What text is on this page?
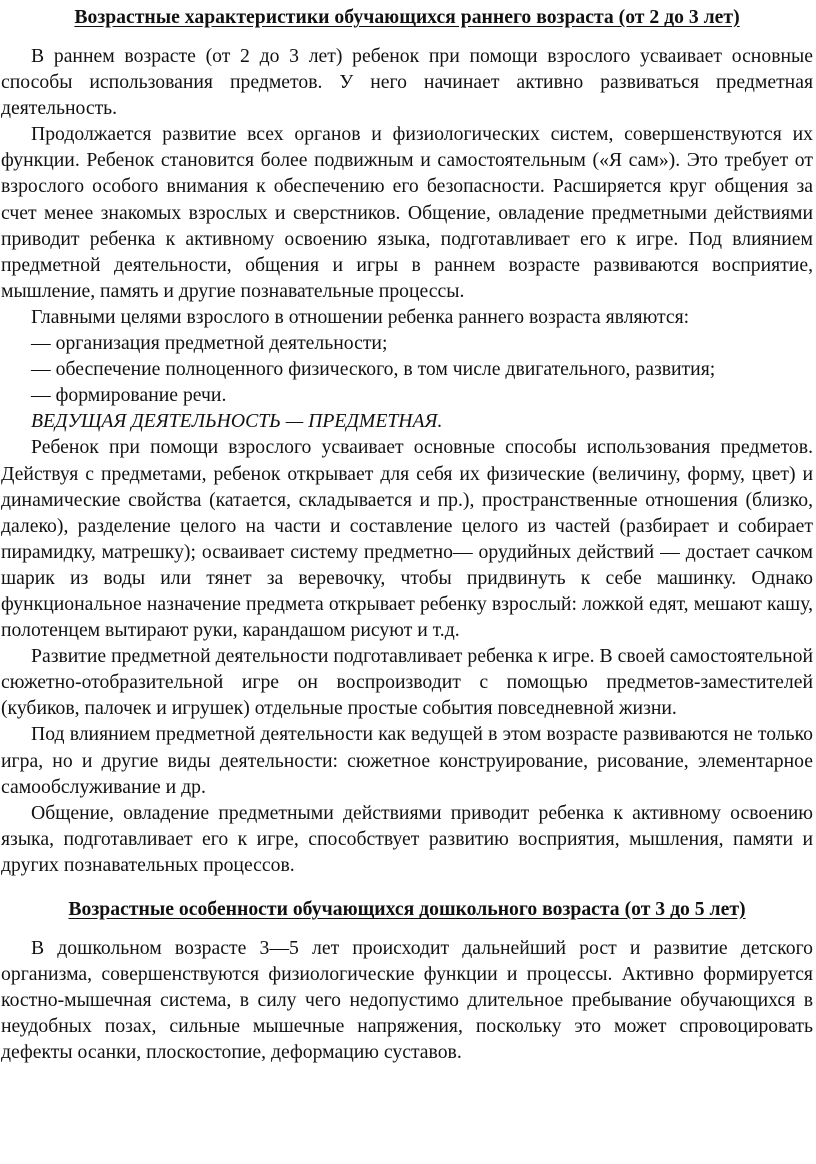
Возрастные характеристики обучающихся раннего возраста (от 2 до 3 лет)

В раннем возрасте (от 2 до 3 лет) ребенок при помощи взрослого усваивает основные способы использования предметов. У него начинает активно развиваться предметная деятельность.

Продолжается развитие всех органов и физиологических систем, совершенствуются их функции. Ребенок становится более подвижным и самостоятельным («Я сам»). Это требует от взрослого особого внимания к обеспечению его безопасности. Расширяется круг общения за счет менее знакомых взрослых и сверстников. Общение, овладение предметными действиями приводит ребенка к активному освоению языка, подготавливает его к игре. Под влиянием предметной деятельности, общения и игры в раннем возрасте развиваются восприятие, мышление, память и другие познавательные процессы.

Главными целями взрослого в отношении ребенка раннего возраста являются:

— организация предметной деятельности;

— обеспечение полноценного физического, в том числе двигательного, развития;

— формирование речи.

ВЕДУЩАЯ ДЕЯТЕЛЬНОСТЬ — ПРЕДМЕТНАЯ.

Ребенок при помощи взрослого усваивает основные способы использования предметов. Действуя с предметами, ребенок открывает для себя их физические (величину, форму, цвет) и динамические свойства (катается, складывается и пр.), пространственные отношения (близко, далеко), разделение целого на части и составление целого из частей (разбирает и собирает пирамидку, матрешку); осваивает систему предметно— орудийных действий — достает сачком шарик из воды или тянет за веревочку, чтобы придвинуть к себе машинку. Однако функциональное назначение предмета открывает ребенку взрослый: ложкой едят, мешают кашу, полотенцем вытирают руки, карандашом рисуют и т.д.

Развитие предметной деятельности подготавливает ребенка к игре. В своей самостоятельной сюжетно-отобразительной игре он воспроизводит с помощью предметов-заместителей (кубиков, палочек и игрушек) отдельные простые события повседневной жизни.

Под влиянием предметной деятельности как ведущей в этом возрасте развиваются не только игра, но и другие виды деятельности: сюжетное конструирование, рисование, элементарное самообслуживание и др.

Общение, овладение предметными действиями приводит ребенка к активному освоению языка, подготавливает его к игре, способствует развитию восприятия, мышления, памяти и других познавательных процессов.

Возрастные особенности обучающихся дошкольного возраста (от 3 до 5 лет)

В дошкольном возрасте 3—5 лет происходит дальнейший рост и развитие детского организма, совершенствуются физиологические функции и процессы. Активно формируется костно-мышечная система, в силу чего недопустимо длительное пребывание обучающихся в неудобных позах, сильные мышечные напряжения, поскольку это может спровоцировать дефекты осанки, плоскостопие, деформацию суставов.
